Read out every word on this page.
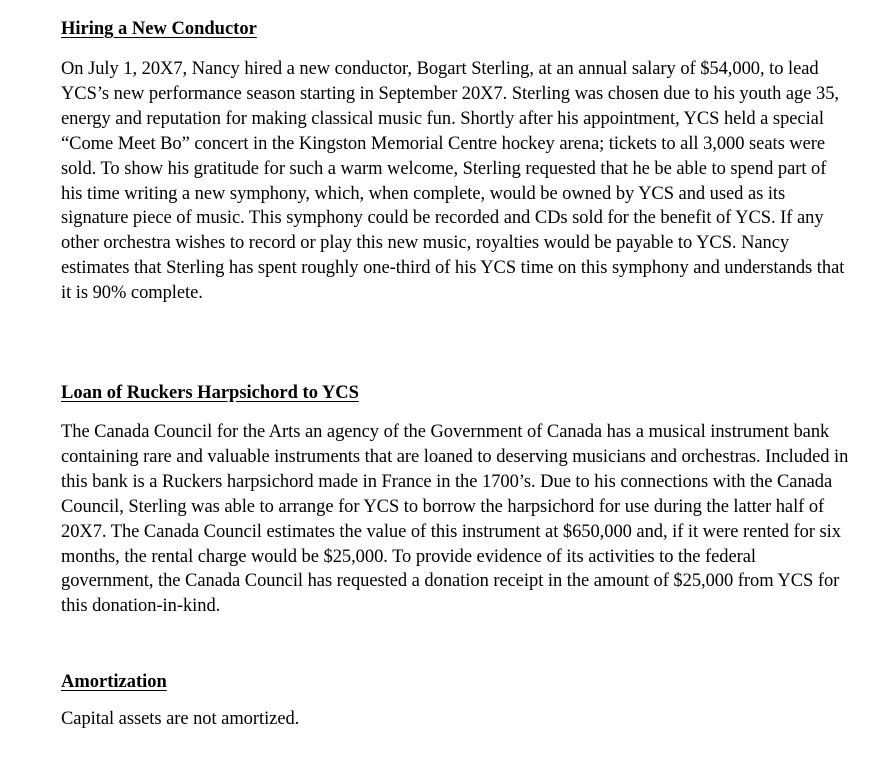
Hiring a New Conductor

On July 1, 20X7, Nancy hired a new conductor, Bogart Sterling, at an annual salary of $54,000, to lead YCS’s new performance season starting in September 20X7. Sterling was chosen due to his youth age 35, energy and reputation for making classical music fun. Shortly after his appointment, YCS held a special “Come Meet Bo” concert in the Kingston Memorial Centre hockey arena; tickets to all 3,000 seats were sold. To show his gratitude for such a warm welcome, Sterling requested that he be able to spend part of his time writing a new symphony, which, when complete, would be owned by YCS and used as its signature piece of music. This symphony could be recorded and CDs sold for the benefit of YCS. If any other orchestra wishes to record or play this new music, royalties would be payable to YCS. Nancy estimates that Sterling has spent roughly one-third of his YCS time on this symphony and understands that it is 90% complete.

Loan of Ruckers Harpsichord to YCS

The Canada Council for the Arts an agency of the Government of Canada has a musical instrument bank containing rare and valuable instruments that are loaned to deserving musicians and orchestras. Included in this bank is a Ruckers harpsichord made in France in the 1700’s. Due to his connections with the Canada Council, Sterling was able to arrange for YCS to borrow the harpsichord for use during the latter half of 20X7. The Canada Council estimates the value of this instrument at $650,000 and, if it were rented for six months, the rental charge would be $25,000. To provide evidence of its activities to the federal government, the Canada Council has requested a donation receipt in the amount of $25,000 from YCS for this donation-in-kind.

Amortization

Capital assets are not amortized.
